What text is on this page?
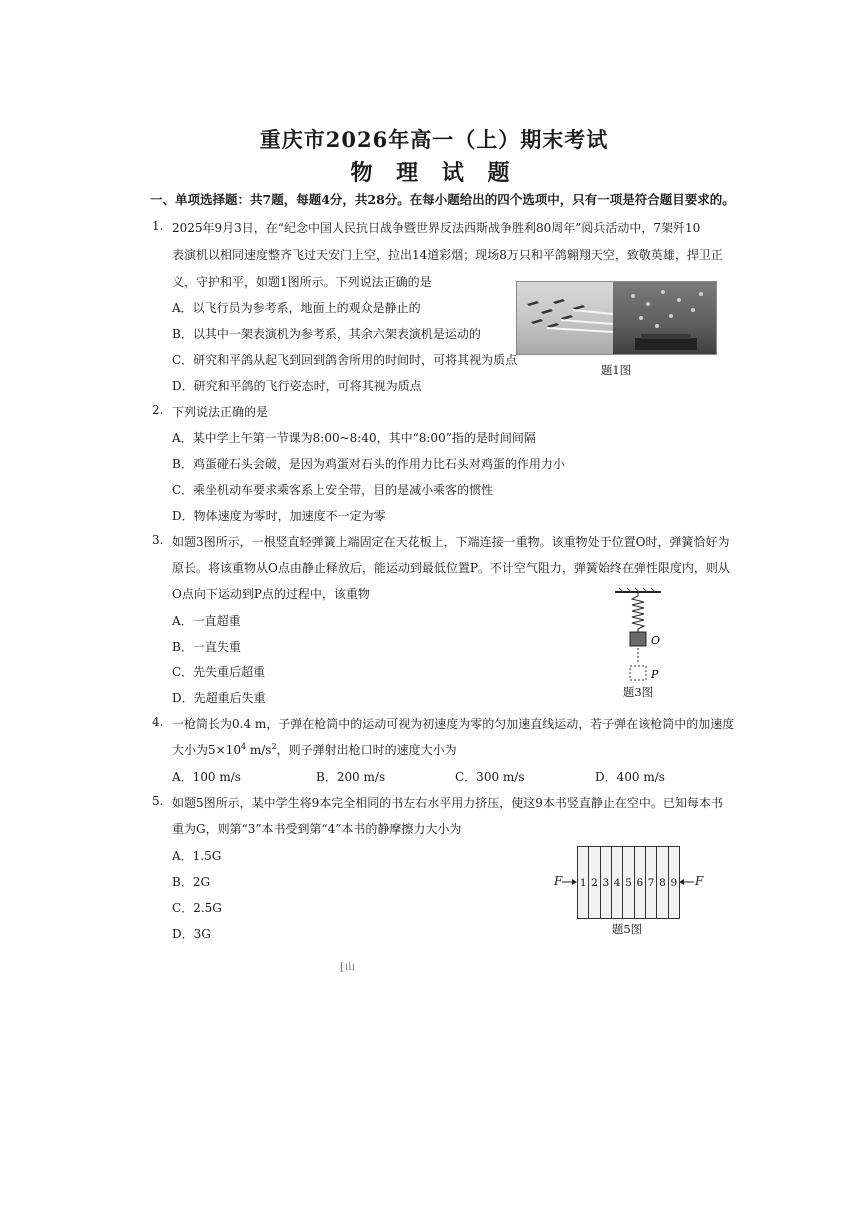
重庆市2026年高一（上）期末考试
物 理 试 题
一、单项选择题：共7题，每题4分，共28分。在每小题给出的四个选项中，只有一项是符合题目要求的。
1. 2025年9月3日，在“纪念中国人民抗日战争暨世界反法西斯战争胜利80周年”阅兵活动中，7架歼10
表演机以相同速度整齐飞过天安门上空，拉出14道彩烟；现场8万只和平鸽翱翔天空，致敬英雄，捍卫正
义，守护和平，如题1图所示。下列说法正确的是
A．以飞行员为参考系，地面上的观众是静止的
B．以其中一架表演机为参考系，其余六架表演机是运动的
C．研究和平鸽从起飞到回到鸽舍所用的时间时，可将其视为质点
D．研究和平鸽的飞行姿态时，可将其视为质点
题1图
2. 下列说法正确的是
A．某中学上午第一节课为8:00~8:40，其中“8:00”指的是时间间隔
B．鸡蛋碰石头会破，是因为鸡蛋对石头的作用力比石头对鸡蛋的作用力小
C．乘坐机动车要求乘客系上安全带，目的是减小乘客的惯性
D．物体速度为零时，加速度不一定为零
3. 如题3图所示，一根竖直轻弹簧上端固定在天花板上，下端连接一重物。该重物处于位置O时，弹簧恰好为
原长。将该重物从O点由静止释放后，能运动到最低位置P。不计空气阻力，弹簧始终在弹性限度内，则从
O点向下运动到P点的过程中，该重物
A．一直超重
B．一直失重
C．先失重后超重
D．先超重后失重
O
P
题3图
4. 一枪筒长为0.4 m，子弹在枪筒中的运动可视为初速度为零的匀加速直线运动，若子弹在该枪筒中的加速度
大小为$5\times 10^4$ $m/s^2$，则子弹射出枪口时的速度大小为
A．100 m/s	B．200 m/s	C．300 m/s	D．400 m/s
5. 如题5图所示，某中学生将9本完全相同的书左右水平用力挤压，使这9本书竖直静止在空中。已知每本书
重为G，则第“3”本书受到第“4”本书的静摩擦力大小为
A．1.5G
B．2G
C．2.5G
D．3G
F 1 2 3 4 5 6 7 8 9 F
题5图
[山
